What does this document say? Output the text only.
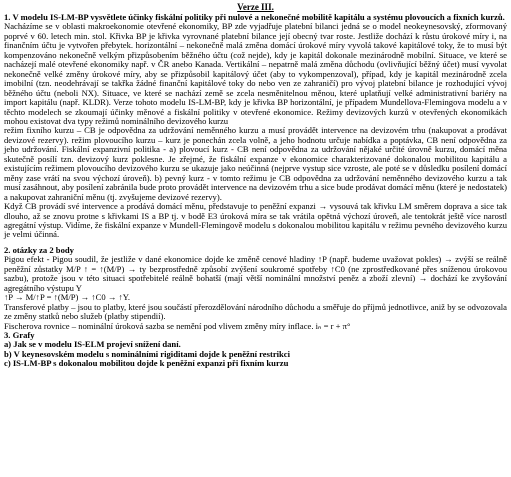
Verze III.

1. V modelu IS-LM-BP vysvětlete účinky fiskální politiky při nulové a nekonečné mobilitě kapitálu a systému plovoucích a fixních kurzů.

Nacházíme se v oblasti makroekonomie otevřené ekonomiky, BP zde vyjadřuje platební bilanci jedná se o model neokeynesovský, zformovaný poprvé v 60. letech min. stol. Křivka BP je křivka vyrovnané platební bilance její obecný tvar roste. Jestliže dochází k růstu úrokové míry i, na finančním účtu je vytvořen přebytek. horizontální – nekonečně malá změna domácí úrokové míry vyvolá takové kapitálové toky, že to musí být kompenzováno nekonečně velkým přizpůsobením běžného účtu (což nejde), kdy je kapitál dokonale mezinárodně mobilní. Situace, ve které se nacházejí malé otevřené ekonomiky např. v ČR anebo Kanada. Vertikální – nepatrně malá změna důchodu (ovlivňující běžný účet) musí vyvolat nekonečně velké změny úrokové míry, aby se přizpůsobil kapitálový účet (aby to vykompenzoval), případ, kdy je kapitál mezinárodně zcela imobilní (tzn. neodehrávají se takřka žádné finanční kapitálové toky do nebo ven ze zahraničí) pro vývoj platební bilance je rozhodující vývoj běžného účtu (neboli NX). Situace, ve které se nachází země se zcela nesměnitelnou měnou, které uplatňují velké administrativní bariéry na import kapitálu (např. KLDR). Verze tohoto modelu IS-LM-BP, kdy je křivka BP horizontální, je případem Mundellova-Flemingova modelu a v těchto modelech se zkoumají účinky měnové a fiskální politiky v otevřené ekonomice. Režimy devizových kurzů v otevřených ekonomikách mohou existovat dva typy režimů nominálního devizového kurzu

režim fixního kurzu – CB je odpovědna za udržování neměnného kurzu a musí provádět intervence na devizovém trhu (nakupovat a prodávat devizové rezervy). režim plovoucího kurzu – kurz je ponechán zcela volně, a jeho hodnotu určuje nabídka a poptávka, CB není odpovědna za jeho udržování. Fiskální expanzivní politika - a) plovoucí kurz - CB není odpovědna za udržování nějaké určité úrovně kurzu, domácí měna skutečně posílí tzn. devizový kurz poklesne. Je zřejmé, že fiskální expanze v ekonomice charakterizované dokonalou mobilitou kapitálu a existujícím režimem plovoucího devizového kurzu se ukazuje jako neúčinná (nejprve vystup sice vzroste, ale poté se v důsledku posílení domácí měny zase vrátí na svou výchozí úroveň). b) pevný kurz - v tomto režimu je CB odpovědna za udržování neměnného devizového kurzu a tak musí zasáhnout, aby posílení zabránila bude proto provádět intervence na devizovém trhu a sice bude prodávat domácí měnu (které je nedostatek) a nakupovat zahraniční měnu (tj. zvyšujeme devizové rezervy).

Když CB provádí své intervence a prodává domácí měnu, představuje to peněžní expanzi → vysouvá tak křivku LM směrem doprava a sice tak dlouho, až se znovu protne s křivkami IS a BP tj. v bodě E3 úroková míra se tak vrátila opětná výchozí úroveň, ale tentokrát ještě více narostl agregátní výstup. Vidíme, že fiskální expanze v Mundell-Flemingově modelu s dokonalou mobilitou kapitálu v režimu pevného devizového kurzu je velmi účinná.

2. otázky za 2 body

Pigou efekt - Pigou soudil, že jestliže v dané ekonomice dojde ke změně cenové hladiny ↑P (např. budeme uvažovat pokles) → zvýší se reálně peněžní zůstatky M/P ↑ = ↑(M/P) → ty bezprostředně způsobí zvýšení soukromé spotřeby ↑C0 (ne zprostředkované přes sníženou úrokovou sazbu), protože jsou v této situaci spotřebitelé reálně bohatší (mají větší nominální množství peněz a zboží zlevní) → dochází ke zvyšování agregátního výstupu Y

↑P → M/↑P = ↑(M/P) → ↑C0 → ↑Y.

Transferové platby – jsou to platby, které jsou součástí přerozdělování národního důchodu a směřuje do příjmů jednotlivce, aniž by se odvozovala ze změny statků nebo služeb (platby stipendií).

Fischerova rovnice – nominální úroková sazba se nemění pod vlivem změny míry inflace. iₙ = r + π°

3. Grafy

a) Jak se v modelu IS-ELM projeví snížení daní.

b) V keynesovském modelu s nominálními rigiditami dojde k peněžní restrikci

c) IS-LM-BP s dokonalou mobilitou dojde k peněžní expanzi při fixním kurzu
